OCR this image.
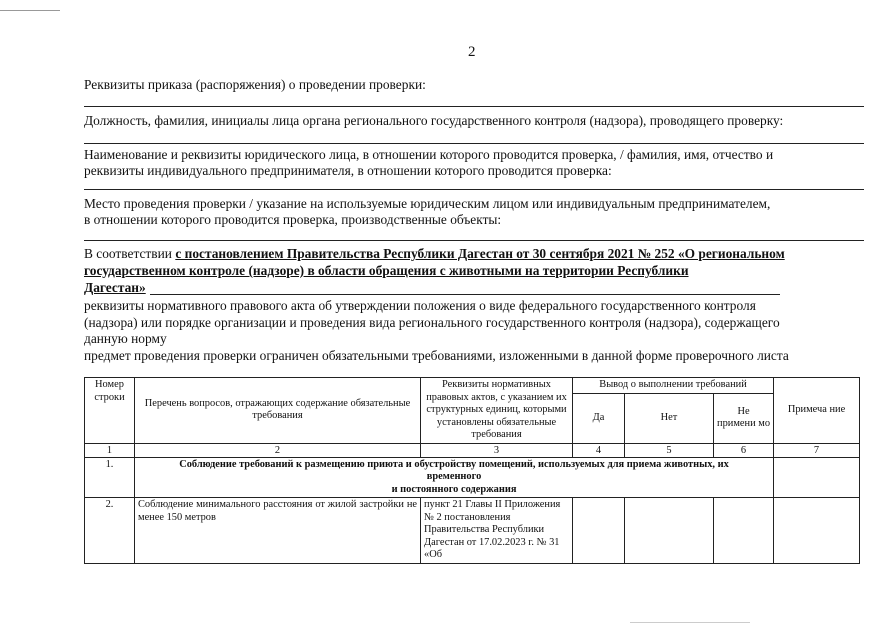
2
Реквизиты приказа (распоряжения) о проведении проверки:
Должность, фамилия, инициалы лица органа регионального государственного контроля (надзора), проводящего проверку:
Наименование и реквизиты юридического лица, в отношении которого проводится проверка, / фамилия, имя, отчество и
реквизиты индивидуального предпринимателя, в отношении которого проводится проверка:
Место проведения проверки / указание на используемые юридическим лицом или индивидуальным предпринимателем,
в отношении которого проводится проверка, производственные объекты:
В соответствии с постановлением Правительства Республики Дагестан от 30 сентября 2021 № 252 «О региональном
государственном контроле (надзоре) в области обращения с животными на территории Республики
Дагестан»
реквизиты нормативного правового акта об утверждении положения о виде федерального государственного контроля
(надзора) или порядке организации и проведения вида регионального государственного контроля (надзора), содержащего
данную норму
предмет проведения проверки ограничен обязательными требованиями, изложенными в данной форме проверочного листа
Номер строки	Перечень вопросов, отражающих содержание обязательные требования	Реквизиты нормативных правовых актов, с указанием их структурных единиц, которыми установлены обязательные требования	Вывод о выполнении требований			Примеча ние
			Да	Нет	Не примени мо	
1	2	3	4	5	6	7
1.	Соблюдение требований к размещению приюта и обустройству помещений, используемых для приема животных, их
временного
и постоянного содержания					

2.	Соблюдение минимального расстояния от жилой застройки не менее 150 метров	пункт 21 Главы II Приложения № 2 постановления Правительства Республики Дагестан от 17.02.2023 г. № 31 «Об				
